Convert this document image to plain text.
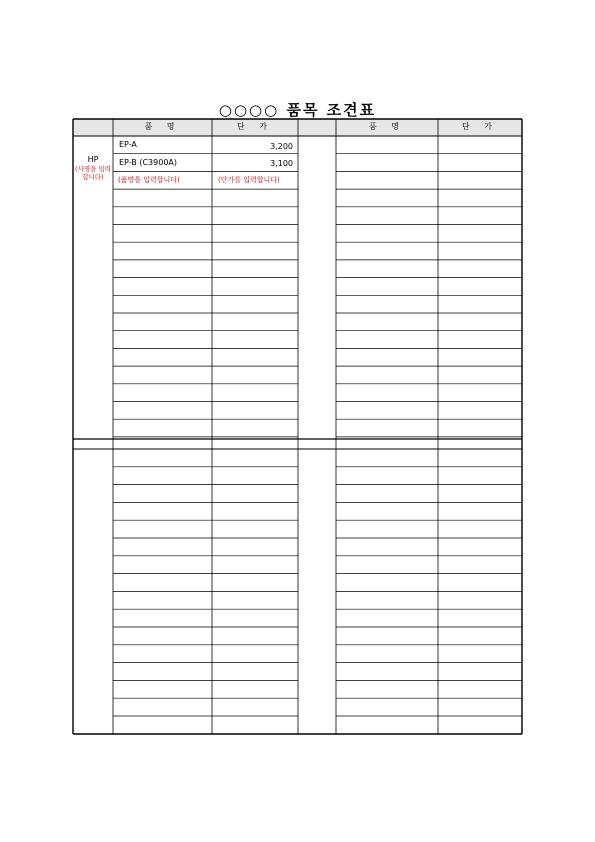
○○○○ 품목 조견표
품 명	단 가	품 명	단 가
HP
(사명을 입력합니다)
EP-A	3,200
EP-B (C3900A)	3,100
(품명을 입력합니다)	(단가를 입력합니다)
